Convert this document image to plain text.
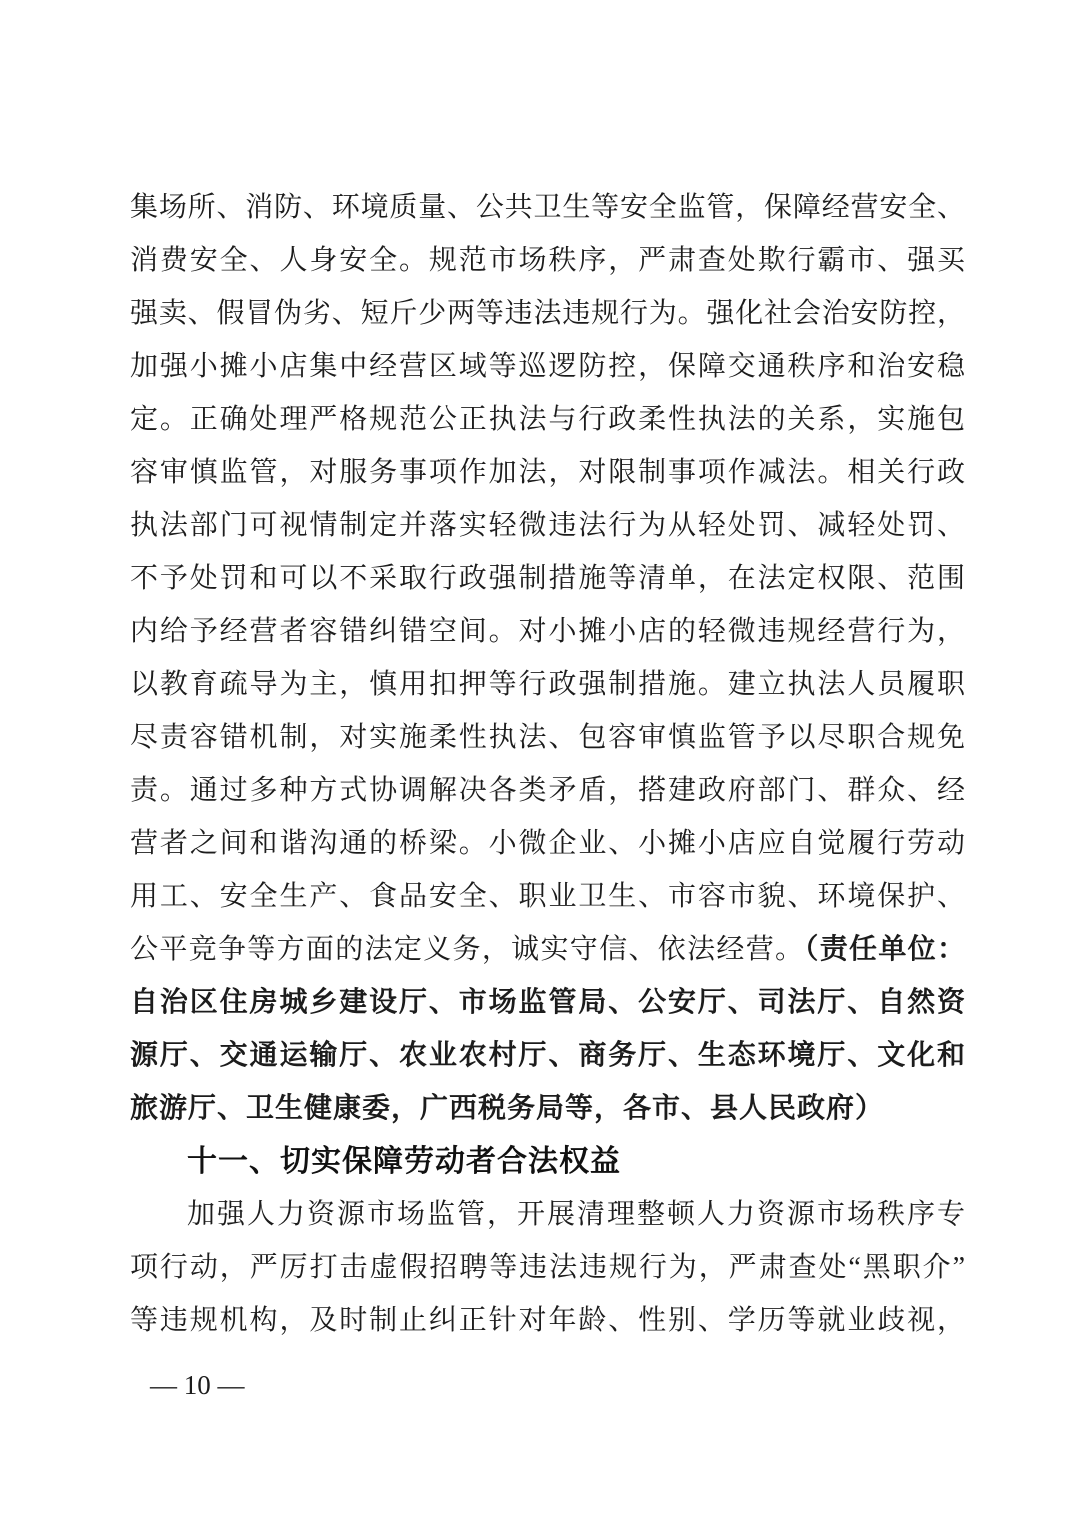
集场所、消防、环境质量、公共卫生等安全监管，保障经营安全、
消费安全、人身安全。规范市场秩序，严肃查处欺行霸市、强买
强卖、假冒伪劣、短斤少两等违法违规行为。强化社会治安防控，
加强小摊小店集中经营区域等巡逻防控，保障交通秩序和治安稳
定。正确处理严格规范公正执法与行政柔性执法的关系，实施包
容审慎监管，对服务事项作加法，对限制事项作减法。相关行政
执法部门可视情制定并落实轻微违法行为从轻处罚、减轻处罚、
不予处罚和可以不采取行政强制措施等清单，在法定权限、范围
内给予经营者容错纠错空间。对小摊小店的轻微违规经营行为，
以教育疏导为主，慎用扣押等行政强制措施。建立执法人员履职
尽责容错机制，对实施柔性执法、包容审慎监管予以尽职合规免
责。通过多种方式协调解决各类矛盾，搭建政府部门、群众、经
营者之间和谐沟通的桥梁。小微企业、小摊小店应自觉履行劳动
用工、安全生产、食品安全、职业卫生、市容市貌、环境保护、
公平竞争等方面的法定义务，诚实守信、依法经营。（责任单位：
自治区住房城乡建设厅、市场监管局、公安厅、司法厅、自然资
源厅、交通运输厅、农业农村厅、商务厅、生态环境厅、文化和
旅游厅、卫生健康委，广西税务局等，各市、县人民政府）
十一、切实保障劳动者合法权益
加强人力资源市场监管，开展清理整顿人力资源市场秩序专
项行动，严厉打击虚假招聘等违法违规行为，严肃查处“黑职介”
等违规机构，及时制止纠正针对年龄、性别、学历等就业歧视，
— 10 —
